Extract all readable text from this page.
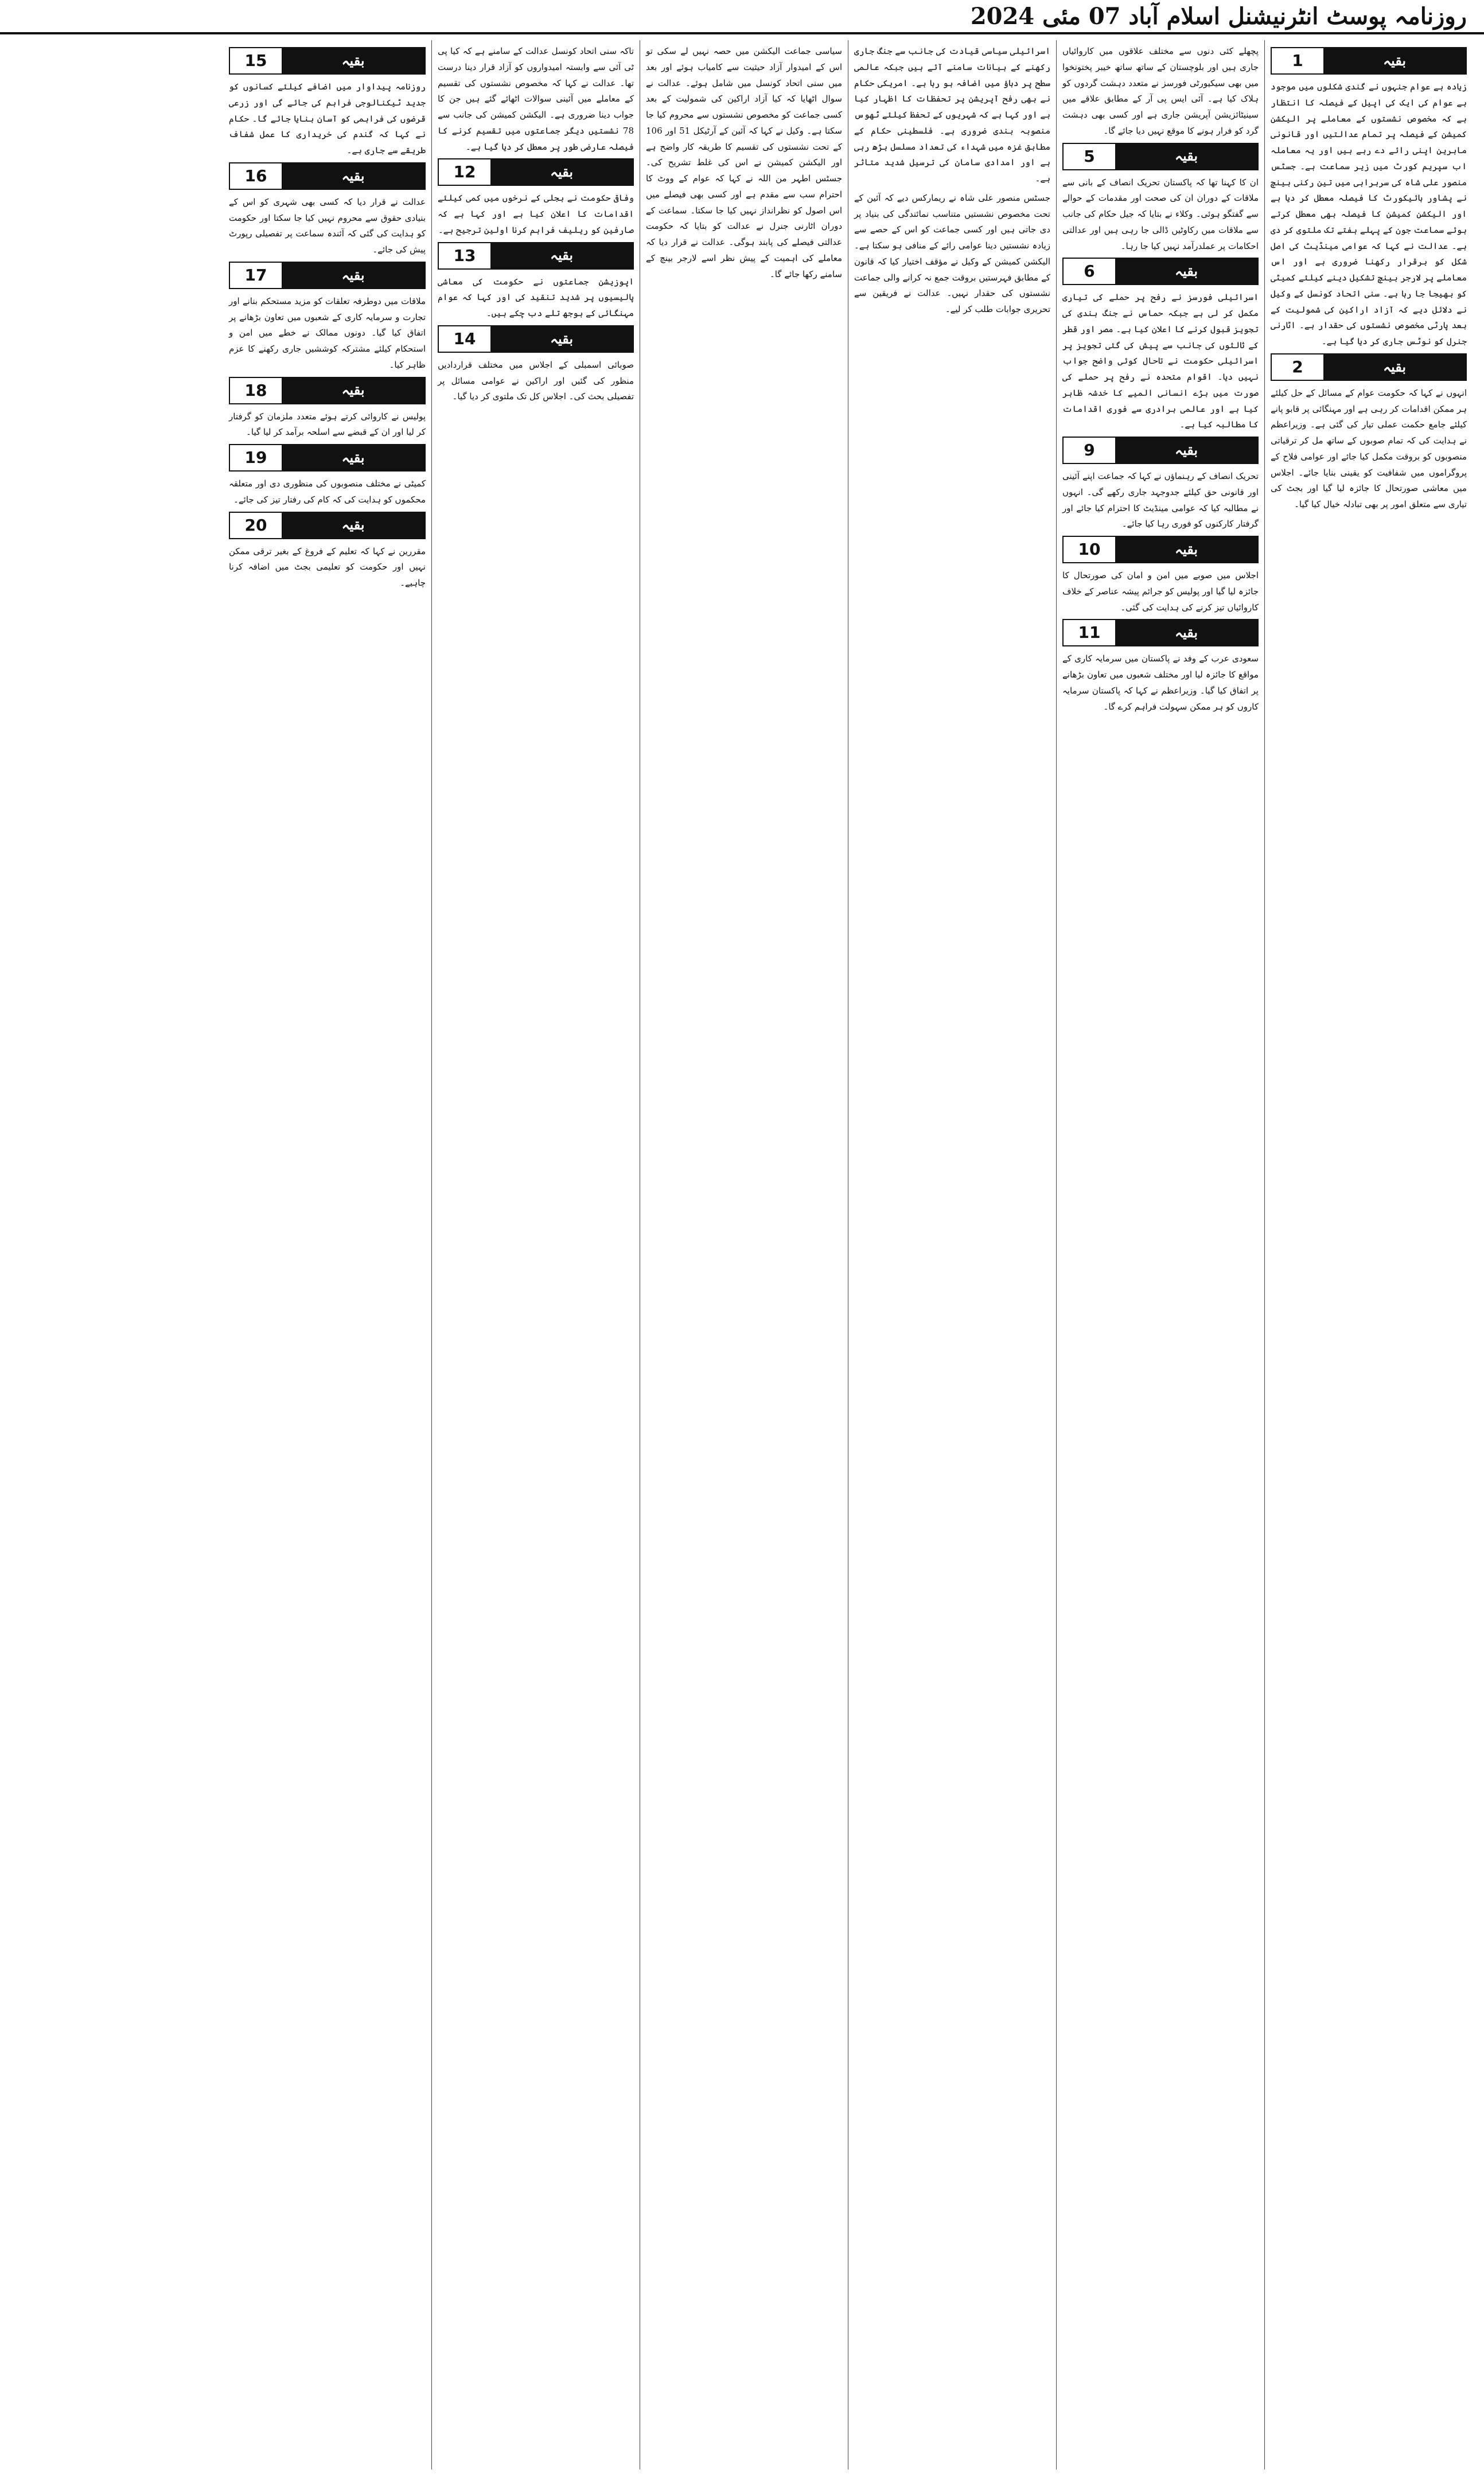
روزنامہ پوسٹ انٹرنیشنل اسلام آباد 07 مئی 2024
1	بقیہ

زیادہ ہے عوام جنہوں نے گندی شکلوں میں موجود ہے عوام کی ایک کی اپیل کے فیصلہ کا انتظار ہے کہ مخصوص نشستوں کے معاملے پر الیکشن کمیشن کے فیصلہ پر تمام عدالتیں اور قانونی ماہرین اپنی رائے دے رہے ہیں اور یہ معاملہ اب سپریم کورٹ میں زیر سماعت ہے۔ جسٹس منصور علی شاہ کی سربراہی میں تین رکنی بینچ نے پشاور ہائیکورٹ کا فیصلہ معطل کر دیا ہے اور الیکشن کمیشن کا فیصلہ بھی معطل کرتے ہوئے سماعت جون کے پہلے ہفتے تک ملتوی کر دی ہے۔ عدالت نے کہا کہ عوامی مینڈیٹ کی اصل شکل کو برقرار رکھنا ضروری ہے اور اس معاملے پر لارجر بینچ تشکیل دینے کیلئے کمیٹی کو بھیجا جا رہا ہے۔ سنی اتحاد کونسل کے وکیل نے دلائل دیے کہ آزاد اراکین کی شمولیت کے بعد پارٹی مخصوص نشستوں کی حقدار ہے۔ اٹارنی جنرل کو نوٹس جاری کر دیا گیا ہے۔

2	بقیہ

انہوں نے کہا کہ حکومت عوام کے مسائل کے حل کیلئے ہر ممکن اقدامات کر رہی ہے اور مہنگائی پر قابو پانے کیلئے جامع حکمت عملی تیار کی گئی ہے۔ وزیراعظم نے ہدایت کی کہ تمام صوبوں کے ساتھ مل کر ترقیاتی منصوبوں کو بروقت مکمل کیا جائے اور عوامی فلاح کے پروگراموں میں شفافیت کو یقینی بنایا جائے۔ اجلاس میں معاشی صورتحال کا جائزہ لیا گیا اور بجٹ کی تیاری سے متعلق امور پر بھی تبادلہ خیال کیا گیا۔

پچھلے کئی دنوں سے مختلف علاقوں میں کاروائیاں جاری ہیں اور بلوچستان کے ساتھ ساتھ خیبر پختونخوا میں بھی سیکیورٹی فورسز نے متعدد دہشت گردوں کو ہلاک کیا ہے۔ آئی ایس پی آر کے مطابق علاقے میں سینیٹائزیشن آپریشن جاری ہے اور کسی بھی دہشت گرد کو فرار ہونے کا موقع نہیں دیا جائے گا۔

5	بقیہ

ان کا کہنا تھا کہ پاکستان تحریک انصاف کے بانی سے ملاقات کے دوران ان کی صحت اور مقدمات کے حوالے سے گفتگو ہوئی۔ وکلاء نے بتایا کہ جیل حکام کی جانب سے ملاقات میں رکاوٹیں ڈالی جا رہی ہیں اور عدالتی احکامات پر عملدرآمد نہیں کیا جا رہا۔

6	بقیہ

اسرائیلی فورسز نے رفح پر حملے کی تیاری مکمل کر لی ہے جبکہ حماس نے جنگ بندی کی تجویز قبول کرنے کا اعلان کیا ہے۔ مصر اور قطر کے ثالثوں کی جانب سے پیش کی گئی تجویز پر اسرائیلی حکومت نے تاحال کوئی واضح جواب نہیں دیا۔ اقوام متحدہ نے رفح پر حملے کی صورت میں بڑے انسانی المیے کا خدشہ ظاہر کیا ہے اور عالمی برادری سے فوری اقدامات کا مطالبہ کیا ہے۔

9	بقیہ

تحریک انصاف کے رہنماؤں نے کہا کہ جماعت اپنے آئینی اور قانونی حق کیلئے جدوجہد جاری رکھے گی۔ انہوں نے مطالبہ کیا کہ عوامی مینڈیٹ کا احترام کیا جائے اور گرفتار کارکنوں کو فوری رہا کیا جائے۔

10	بقیہ

اجلاس میں صوبے میں امن و امان کی صورتحال کا جائزہ لیا گیا اور پولیس کو جرائم پیشہ عناصر کے خلاف کاروائیاں تیز کرنے کی ہدایت کی گئی۔

11	بقیہ

سعودی عرب کے وفد نے پاکستان میں سرمایہ کاری کے مواقع کا جائزہ لیا اور مختلف شعبوں میں تعاون بڑھانے پر اتفاق کیا گیا۔ وزیراعظم نے کہا کہ پاکستان سرمایہ کاروں کو ہر ممکن سہولت فراہم کرے گا۔

اسرائیلی سیاسی قیادت کی جانب سے جنگ جاری رکھنے کے بیانات سامنے آئے ہیں جبکہ عالمی سطح پر دباؤ میں اضافہ ہو رہا ہے۔ امریکی حکام نے بھی رفح آپریشن پر تحفظات کا اظہار کیا ہے اور کہا ہے کہ شہریوں کے تحفظ کیلئے ٹھوس منصوبہ بندی ضروری ہے۔ فلسطینی حکام کے مطابق غزہ میں شہداء کی تعداد مسلسل بڑھ رہی ہے اور امدادی سامان کی ترسیل شدید متاثر ہے۔

جسٹس منصور علی شاہ نے ریمارکس دیے کہ آئین کے تحت مخصوص نشستیں متناسب نمائندگی کی بنیاد پر دی جاتی ہیں اور کسی جماعت کو اس کے حصے سے زیادہ نشستیں دینا عوامی رائے کے منافی ہو سکتا ہے۔ الیکشن کمیشن کے وکیل نے مؤقف اختیار کیا کہ قانون کے مطابق فہرستیں بروقت جمع نہ کرانے والی جماعت نشستوں کی حقدار نہیں۔ عدالت نے فریقین سے تحریری جوابات طلب کر لیے۔

سیاسی جماعت الیکشن میں حصہ نہیں لے سکی تو اس کے امیدوار آزاد حیثیت سے کامیاب ہوئے اور بعد میں سنی اتحاد کونسل میں شامل ہوئے۔ عدالت نے سوال اٹھایا کہ کیا آزاد اراکین کی شمولیت کے بعد کسی جماعت کو مخصوص نشستوں سے محروم کیا جا سکتا ہے۔ وکیل نے کہا کہ آئین کے آرٹیکل 51 اور 106 کے تحت نشستوں کی تقسیم کا طریقہ کار واضح ہے اور الیکشن کمیشن نے اس کی غلط تشریح کی۔ جسٹس اطہر من اللہ نے کہا کہ عوام کے ووٹ کا احترام سب سے مقدم ہے اور کسی بھی فیصلے میں اس اصول کو نظرانداز نہیں کیا جا سکتا۔ سماعت کے دوران اٹارنی جنرل نے عدالت کو بتایا کہ حکومت عدالتی فیصلے کی پابند ہوگی۔ عدالت نے قرار دیا کہ معاملے کی اہمیت کے پیش نظر اسے لارجر بینچ کے سامنے رکھا جائے گا۔

تاکہ سنی اتحاد کونسل عدالت کے سامنے ہے کہ کیا پی ٹی آئی سے وابستہ امیدواروں کو آزاد قرار دینا درست تھا۔ عدالت نے کہا کہ مخصوص نشستوں کی تقسیم کے معاملے میں آئینی سوالات اٹھائے گئے ہیں جن کا جواب دینا ضروری ہے۔ الیکشن کمیشن کی جانب سے 78 نشستیں دیگر جماعتوں میں تقسیم کرنے کا فیصلہ عارضی طور پر معطل کر دیا گیا ہے۔

12	بقیہ

وفاقی حکومت نے بجلی کے نرخوں میں کمی کیلئے اقدامات کا اعلان کیا ہے اور کہا ہے کہ صارفین کو ریلیف فراہم کرنا اولین ترجیح ہے۔

13	بقیہ

اپوزیشن جماعتوں نے حکومت کی معاشی پالیسیوں پر شدید تنقید کی اور کہا کہ عوام مہنگائی کے بوجھ تلے دب چکے ہیں۔

14	بقیہ

صوبائی اسمبلی کے اجلاس میں مختلف قراردادیں منظور کی گئیں اور اراکین نے عوامی مسائل پر تفصیلی بحث کی۔ اجلاس کل تک ملتوی کر دیا گیا۔

15	بقیہ

روزنامہ پیداوار میں اضافے کیلئے کسانوں کو جدید ٹیکنالوجی فراہم کی جائے گی اور زرعی قرضوں کی فراہمی کو آسان بنایا جائے گا۔ حکام نے کہا کہ گندم کی خریداری کا عمل شفاف طریقے سے جاری ہے۔

16	بقیہ

عدالت نے قرار دیا کہ کسی بھی شہری کو اس کے بنیادی حقوق سے محروم نہیں کیا جا سکتا اور حکومت کو ہدایت کی گئی کہ آئندہ سماعت پر تفصیلی رپورٹ پیش کی جائے۔

17	بقیہ

ملاقات میں دوطرفہ تعلقات کو مزید مستحکم بنانے اور تجارت و سرمایہ کاری کے شعبوں میں تعاون بڑھانے پر اتفاق کیا گیا۔ دونوں ممالک نے خطے میں امن و استحکام کیلئے مشترکہ کوششیں جاری رکھنے کا عزم ظاہر کیا۔

18	بقیہ

پولیس نے کاروائی کرتے ہوئے متعدد ملزمان کو گرفتار کر لیا اور ان کے قبضے سے اسلحہ برآمد کر لیا گیا۔

19	بقیہ

کمیٹی نے مختلف منصوبوں کی منظوری دی اور متعلقہ محکموں کو ہدایت کی کہ کام کی رفتار تیز کی جائے۔

20	بقیہ

مقررین نے کہا کہ تعلیم کے فروغ کے بغیر ترقی ممکن نہیں اور حکومت کو تعلیمی بجٹ میں اضافہ کرنا چاہیے۔
